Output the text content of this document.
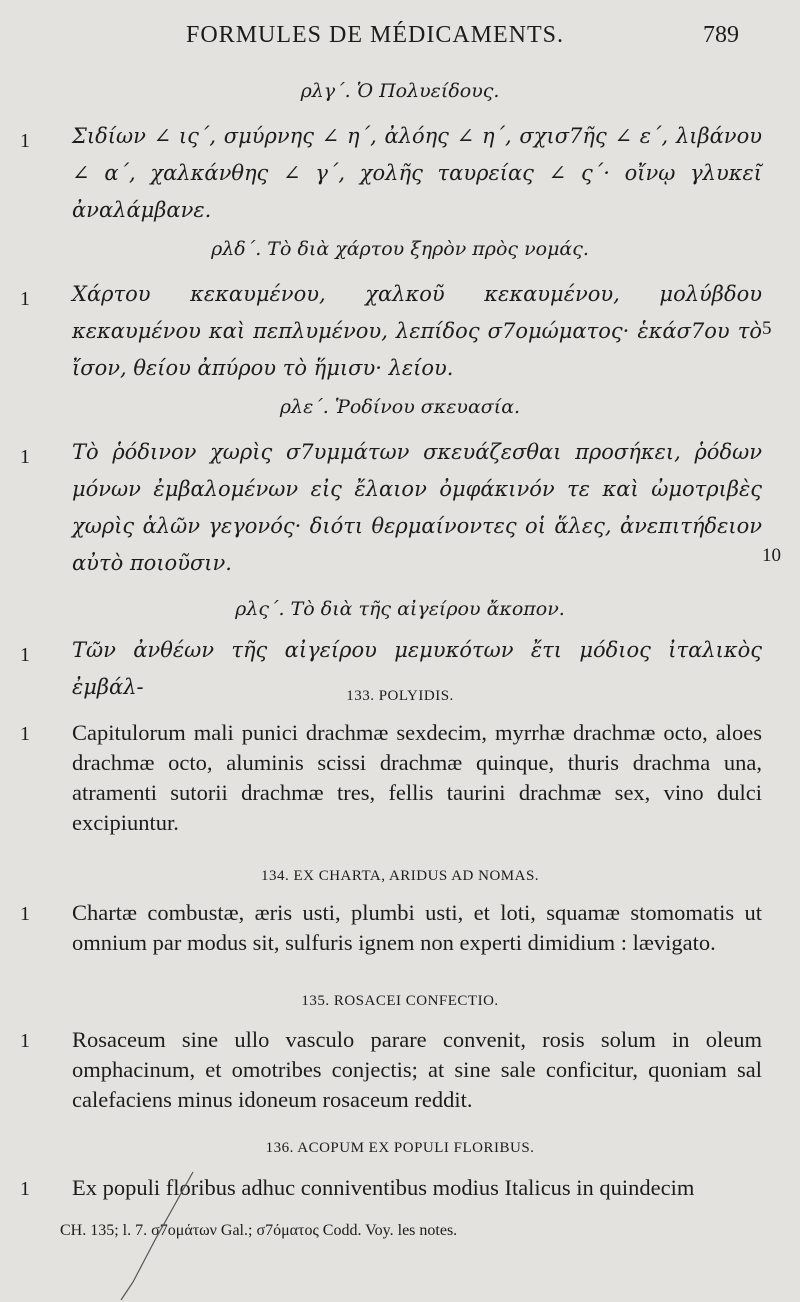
FORMULES DE MÉDICAMENTS.	789
ρλγ΄. Ὁ Πολυείδους.
1	Σιδίων ∠ ις΄, σμύρνης ∠ η΄, ἀλόης ∠ η΄, σχισ7ῆς ∠ ε΄, λιβάνου ∠ α΄, χαλκάνθης ∠ γ΄, χολῆς ταυρείας ∠ ς΄· οἴνῳ γλυκεῖ ἀναλάμβανε.
ρλδ΄. Τὸ διὰ χάρτου ξηρὸν πρὸς νομάς.
1	Χάρτου κεκαυμένου, χαλκοῦ κεκαυμένου, μολύβδου κεκαυμένου καὶ πεπλυμένου, λεπίδος σ7ομώματος· ἑκάσ7ου τὸ ἴσον, θείου ἀπύρου τὸ ἥμισυ· λείου.
5
ρλε΄. Ῥοδίνου σκευασία.
1	Τὸ ῥόδινον χωρὶς σ7υμμάτων σκευάζεσθαι προσήκει, ῥόδων μόνων ἐμβαλομένων εἰς ἔλαιον ὀμφάκινόν τε καὶ ὠμοτριβὲς χωρὶς ἁλῶν γεγονός· διότι θερμαίνοντες οἱ ἅλες, ἀνεπιτήδειον αὐτὸ ποιοῦσιν.	10
ρλς΄. Τὸ διὰ τῆς αἰγείρου ἄκοπον.
1	Τῶν ἀνθέων τῆς αἰγείρου μεμυκότων ἔτι μόδιος ἰταλικὸς ἐμβάλ-	133. POLYIDIS.
1	Capitulorum mali punici drachmæ sexdecim, myrrhæ drachmæ octo, aloes drachmæ octo, aluminis scissi drachmæ quinque, thuris drachma una, atramenti sutorii drachmæ tres, fellis taurini drachmæ sex, vino dulci excipiuntur.
134. EX CHARTA, ARIDUS AD NOMAS.
1	Chartæ combustæ, æris usti, plumbi usti, et loti, squamæ stomomatis ut omnium par modus sit, sulfuris ignem non experti dimidium : lævigato.
135. ROSACEI CONFECTIO.
1	Rosaceum sine ullo vasculo parare convenit, rosis solum in oleum omphacinum, et omotribes conjectis; at sine sale conficitur, quoniam sal calefaciens minus idoneum rosaceum reddit.
136. ACOPUM EX POPULI FLORIBUS.
1	Ex populi floribus adhuc conniventibus modius Italicus in quindecim
CH. 135; l. 7. σ7ομάτων Gal.; σ7όματος Codd. Voy. les notes.
